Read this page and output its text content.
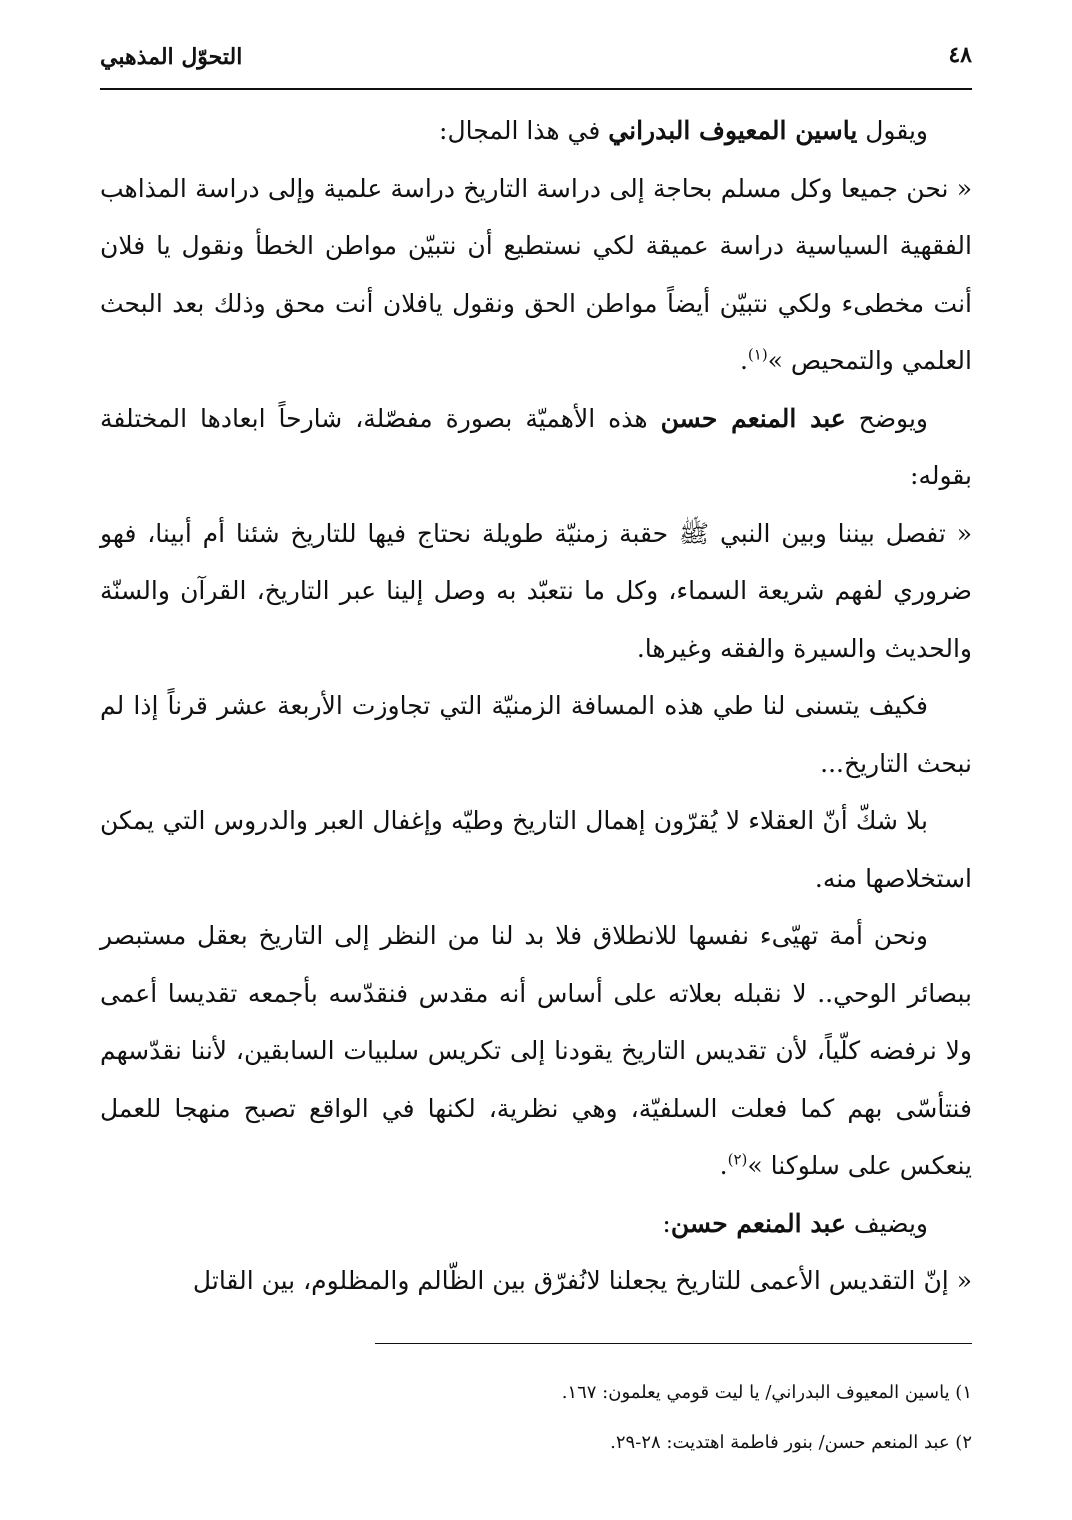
٤٨
التحوّل المذهبي

ويقول ياسين المعيوف البدراني في هذا المجال:

« نحن جميعا وكل مسلم بحاجة إلى دراسة التاريخ دراسة علمية وإلى دراسة المذاهب الفقهية السياسية دراسة عميقة لكي نستطيع أن نتبيّن مواطن الخطأ ونقول يا فلان أنت مخطىء ولكي نتبيّن أيضاً مواطن الحق ونقول يافلان أنت محق وذلك بعد البحث العلمي والتمحيص »$^{(١)}$.

ويوضح عبد المنعم حسن هذه الأهميّة بصورة مفصّلة، شارحاً ابعادها المختلفة بقوله:

« تفصل بيننا وبين النبي ﷺ حقبة زمنيّة طويلة نحتاج فيها للتاريخ شئنا أم أبينا، فهو ضروري لفهم شريعة السماء، وكل ما نتعبّد به وصل إلينا عبر التاريخ، القرآن والسنّة والحديث والسيرة والفقه وغيرها.

فكيف يتسنى لنا طي هذه المسافة الزمنيّة التي تجاوزت الأربعة عشر قرناً إذا لم نبحث التاريخ...

بلا شكّ أنّ العقلاء لا يُقرّون إهمال التاريخ وطيّه وإغفال العبر والدروس التي يمكن استخلاصها منه.

ونحن أمة تهيّىء نفسها للانطلاق فلا بد لنا من النظر إلى التاريخ بعقل مستبصر ببصائر الوحي.. لا نقبله بعلاته على أساس أنه مقدس فنقدّسه بأجمعه تقديسا أعمى ولا نرفضه كلّياً، لأن تقديس التاريخ يقودنا إلى تكريس سلبيات السابقين، لأننا نقدّسهم فنتأسّى بهم كما فعلت السلفيّة، وهي نظرية، لكنها في الواقع تصبح منهجا للعمل ينعكس على سلوكنا »$^{(٢)}$.

ويضيف عبد المنعم حسن:

« إنّ التقديس الأعمى للتاريخ يجعلنا لانُفرّق بين الظّالم والمظلوم، بين القاتل

١) ياسين المعيوف البدراني/ يا ليت قومي يعلمون: ١٦٧.
٢) عبد المنعم حسن/ بنور فاطمة اهتديت: ٢٨-٢٩.
